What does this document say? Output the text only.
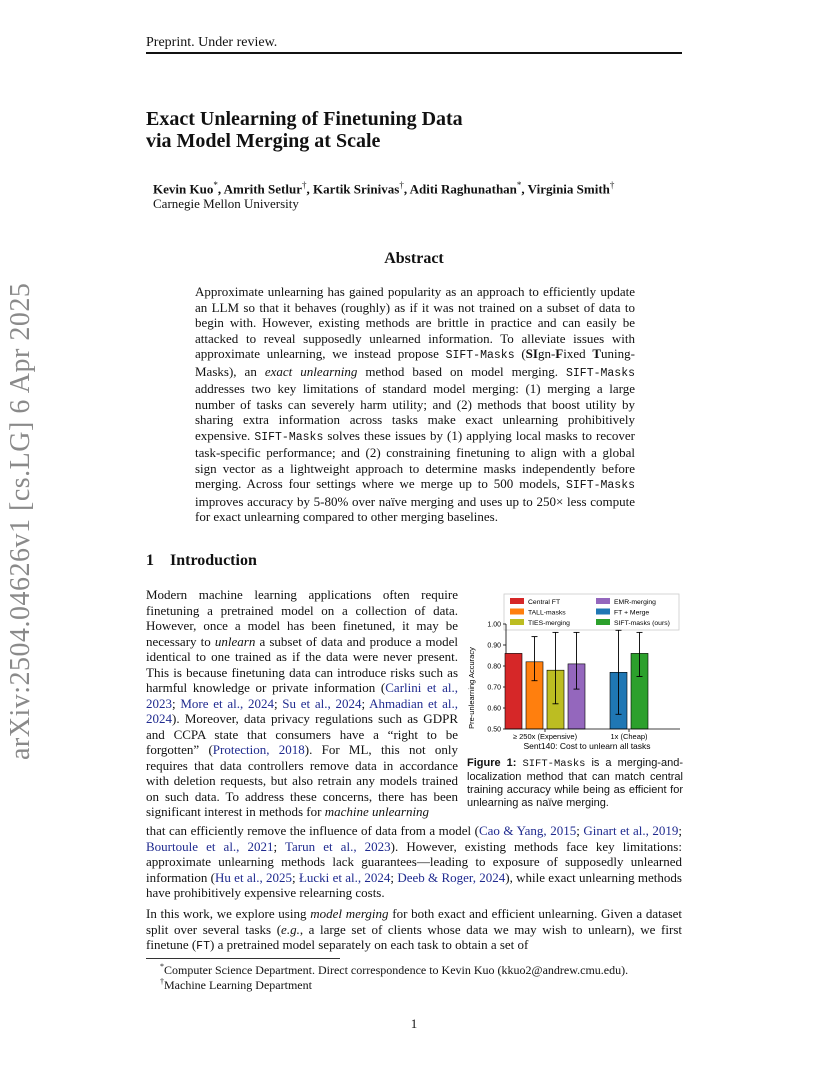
Preprint. Under review.
arXiv:2504.04626v1 [cs.LG] 6 Apr 2025
Exact Unlearning of Finetuning Data
via Model Merging at Scale
Kevin Kuo*, Amrith Setlur†, Kartik Srinivas†, Aditi Raghunathan*, Virginia Smith†
Carnegie Mellon University
Abstract
Approximate unlearning has gained popularity as an approach to efficiently update an LLM so that it behaves (roughly) as if it was not trained on a subset of data to begin with. However, existing methods are brittle in practice and can easily be attacked to reveal supposedly unlearned information. To alleviate issues with approximate unlearning, we instead propose SIFT-Masks (SIgn-Fixed Tuning-Masks), an exact unlearning method based on model merging. SIFT-Masks addresses two key limitations of standard model merging: (1) merging a large number of tasks can severely harm utility; and (2) methods that boost utility by sharing extra information across tasks make exact unlearning prohibitively expensive. SIFT-Masks solves these issues by (1) applying local masks to recover task-specific performance; and (2) constraining finetuning to align with a global sign vector as a lightweight approach to determine masks independently before merging. Across four settings where we merge up to 500 models, SIFT-Masks improves accuracy by 5-80% over naïve merging and uses up to 250× less compute for exact unlearning compared to other merging baselines.
1 Introduction
Modern machine learning applications often require finetuning a pretrained model on a collection of data. However, once a model has been finetuned, it may be necessary to unlearn a subset of data and produce a model identical to one trained as if the data were never present. This is because finetuning data can introduce risks such as harmful knowledge or private information (Carlini et al., 2023; More et al., 2024; Su et al., 2024; Ahmadian et al., 2024). Moreover, data privacy regulations such as GDPR and CCPA state that consumers have a “right to be forgotten” (Protection, 2018). For ML, this not only requires that data controllers remove data in accordance with deletion requests, but also retrain any models trained on such data. To address these concerns, there has been significant interest in methods for machine unlearning
that can efficiently remove the influence of data from a model (Cao & Yang, 2015; Ginart et al., 2019; Bourtoule et al., 2021; Tarun et al., 2023). However, existing methods face key limitations: approximate unlearning methods lack guarantees—leading to exposure of supposedly unlearned information (Hu et al., 2025; Łucki et al., 2024; Deeb & Roger, 2024), while exact unlearning methods have prohibitively expensive relearning costs.
In this work, we explore using model merging for both exact and efficient unlearning. Given a dataset split over several tasks (e.g., a large set of clients whose data we may wish to unlearn), we first finetune (FT) a pretrained model separately on each task to obtain a set of
Central FT
TALL-masks
TIES-merging
EMR-merging
FT + Merge
SIFT-masks (ours)
Pre-unlearning Accuracy
0.50
0.60
0.70
0.80
0.90
1.00
≥ 250x (Expensive)	1x (Cheap)
Sent140: Cost to unlearn all tasks
Figure 1: SIFT-Masks is a merging-and-localization method that can match central training accuracy while being as efficient for unlearning as naïve merging.
*Computer Science Department. Direct correspondence to Kevin Kuo (kkuo2@andrew.cmu.edu).
†Machine Learning Department
1
